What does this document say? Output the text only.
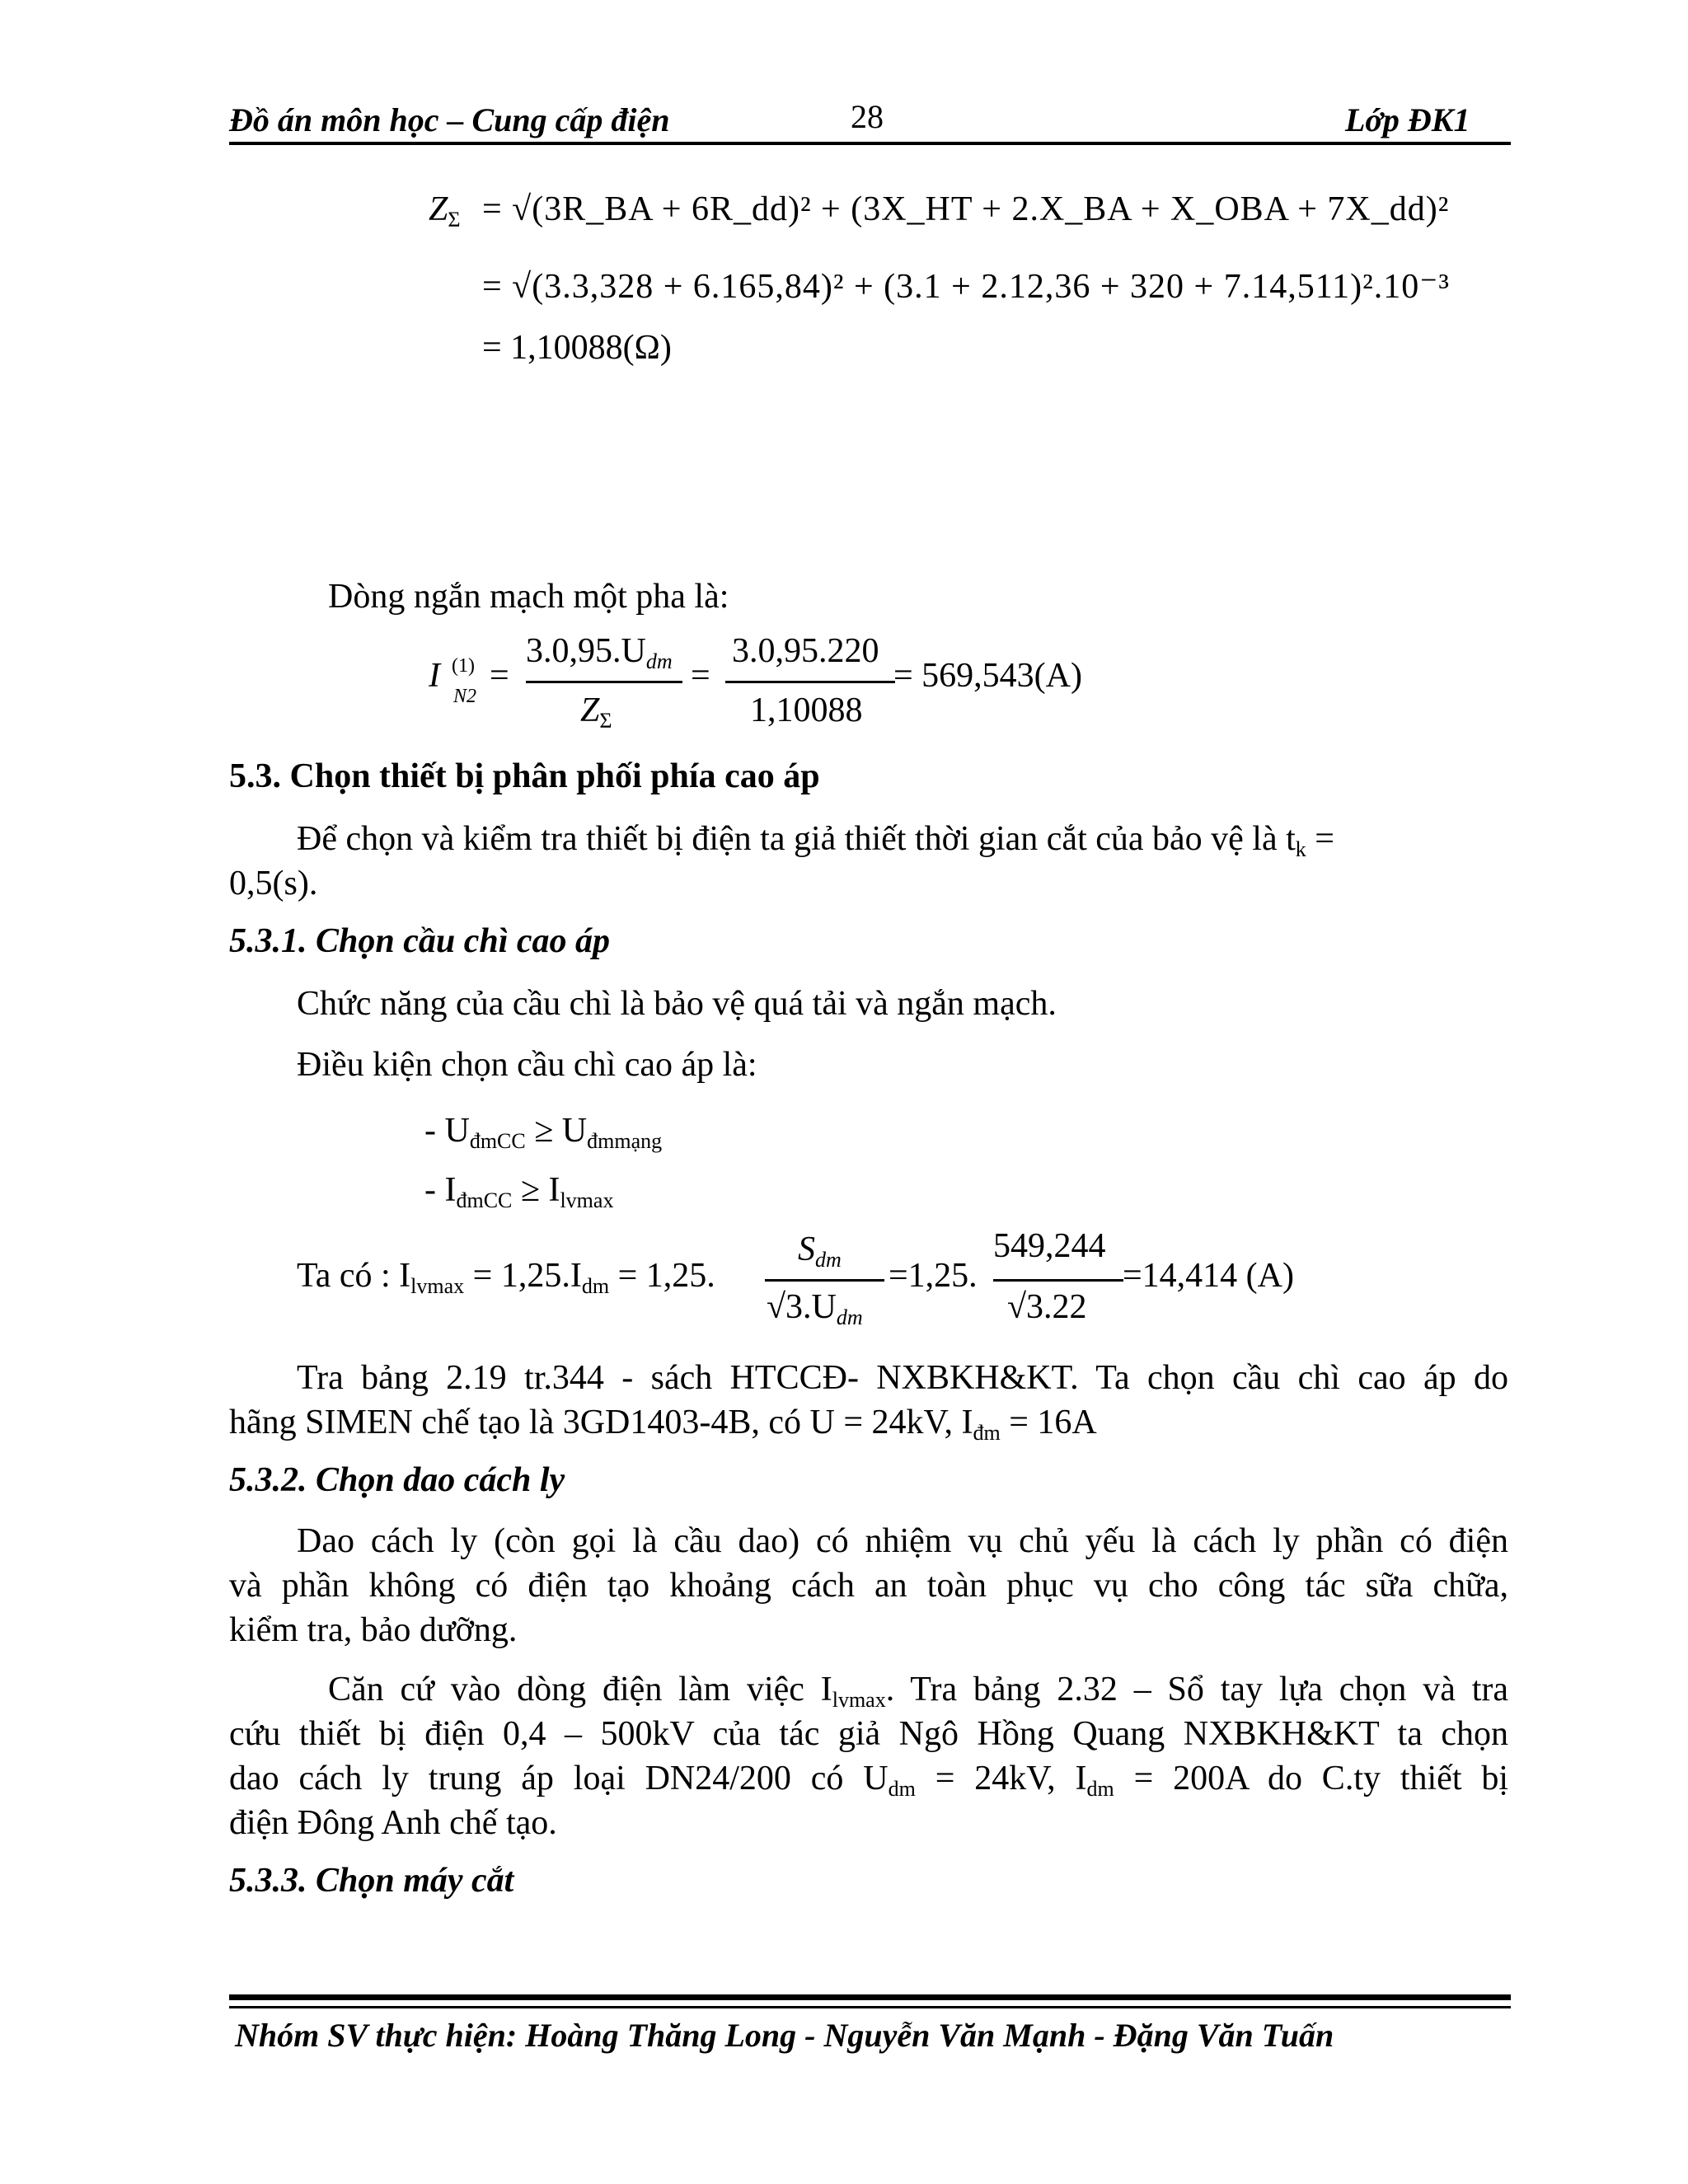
Đồ án môn học – Cung cấp điện	28	Lớp ĐK1
$Z_\Sigma$ = √(3R_BA + 6R_dd)² + (3X_HT + 2.X_BA + X_OBA + 7X_dd)²
= √(3.3,328 + 6.165,84)² + (3.1 + 2.12,36 + 320 + 7.14,511)².10⁻³
= 1,10088(Ω)
Dòng ngắn mạch một pha là:
I (1)
N2
=
$3.0,95.U_{dm}$
$Z_\Sigma$
=
3.0,95.220
1,10088
= 569,543(A)
5.3. Chọn thiết bị phân phối phía cao áp
Để chọn và kiểm tra thiết bị điện ta giả thiết thời gian cắt của bảo vệ là $t_k$ =
0,5(s).
5.3.1. Chọn cầu chì cao áp
Chức năng của cầu chì là bảo vệ quá tải và ngắn mạch.
Điều kiện chọn cầu chì cao áp là:
- $U_{đmCC} \ge U_{đmmạng}$
- $I_{đmCC} \ge I_{lvmax}$
Ta có : $I_{lvmax} = 1,25.I_{dm} = 1,25$.
$S_{dm}$
$√3.U_{dm}$
=1,25.
549,244
√3.22
=14,414 (A)
Tra bảng 2.19 tr.344 - sách HTCCĐ- NXBKH&KT. Ta chọn cầu chì cao áp do
hãng SIMEN chế tạo là 3GD1403-4B, có U = 24kV, $I_{đm} = 16A$
5.3.2. Chọn dao cách ly
Dao cách ly (còn gọi là cầu dao) có nhiệm vụ chủ yếu là cách ly phần có điện
và phần không có điện tạo khoảng cách an toàn phục vụ cho công tác sữa chữa,
kiểm tra, bảo dưỡng.
Căn cứ vào dòng điện làm việc $I_{lvmax}$. Tra bảng 2.32 – Sổ tay lựa chọn và tra
cứu thiết bị điện 0,4 – 500kV của tác giả Ngô Hồng Quang NXBKH&KT ta chọn
dao cách ly trung áp loại DN24/200 có $U_{dm} = 24kV$, $I_{dm} = 200A$ do C.ty thiết bị
điện Đông Anh chế tạo.
5.3.3. Chọn máy cắt
Nhóm SV thực hiện: Hoàng Thăng Long - Nguyễn Văn Mạnh - Đặng Văn Tuấn
